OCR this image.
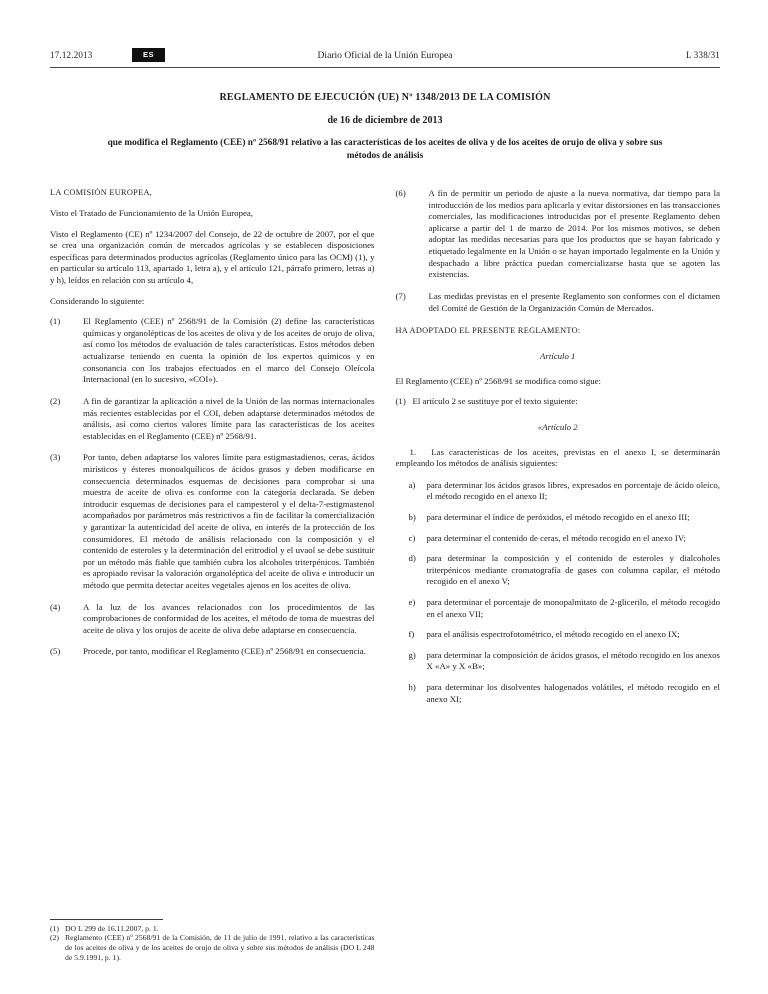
17.12.2013	ES	Diario Oficial de la Unión Europea	L 338/31
REGLAMENTO DE EJECUCIÓN (UE) Nº 1348/2013 DE LA COMISIÓN
de 16 de diciembre de 2013
que modifica el Reglamento (CEE) nº 2568/91 relativo a las características de los aceites de oliva y de los aceites de orujo de oliva y sobre sus métodos de análisis

LA COMISIÓN EUROPEA,

Visto el Tratado de Funcionamiento de la Unión Europea,

Visto el Reglamento (CE) nº 1234/2007 del Consejo, de 22 de octubre de 2007, por el que se crea una organización común de mercados agrícolas y se establecen disposiciones específicas para determinados productos agrícolas (Reglamento único para las OCM) (1), y en particular su artículo 113, apartado 1, letra a), y el artículo 121, párrafo primero, letras a) y h), leídos en relación con su artículo 4,

Considerando lo siguiente:

(1)	El Reglamento (CEE) nº 2568/91 de la Comisión (2) define las características químicas y organolépticas de los aceites de oliva y de los aceites de orujo de oliva, así como los métodos de evaluación de tales características. Estos métodos deben actualizarse teniendo en cuenta la opinión de los expertos químicos y en consonancia con los trabajos efectuados en el marco del Consejo Oleícola Internacional (en lo sucesivo, «COI»).
(2)	A fin de garantizar la aplicación a nivel de la Unión de las normas internacionales más recientes establecidas por el COI, deben adaptarse determinados métodos de análisis, así como ciertos valores límite para las características de los aceites establecidas en el Reglamento (CEE) nº 2568/91.
(3)	Por tanto, deben adaptarse los valores límite para estigmastadienos, ceras, ácidos mirísticos y ésteres monoalquílicos de ácidos grasos y deben modificarse en consecuencia determinados esquemas de decisiones para comprobar si una muestra de aceite de oliva es conforme con la categoría declarada. Se deben introducir esquemas de decisiones para el campesterol y el delta-7-estigmastenol acompañados por parámetros más restrictivos a fin de facilitar la comercialización y garantizar la autenticidad del aceite de oliva, en interés de la protección de los consumidores. El método de análisis relacionado con la composición y el contenido de esteroles y la determinación del eritrodiol y el uvaol se debe sustituir por un método más fiable que también cubra los alcoholes triterpénicos. También es apropiado revisar la valoración organoléptica del aceite de oliva e introducir un método que permita detectar aceites vegetales ajenos en los aceites de oliva.
(4)	A la luz de los avances relacionados con los procedimientos de las comprobaciones de conformidad de los aceites, el método de toma de muestras del aceite de oliva y los orujos de aceite de oliva debe adaptarse en consecuencia.
(5)	Procede, por tanto, modificar el Reglamento (CEE) nº 2568/91 en consecuencia.
(1) DO L 299 de 16.11.2007, p. 1.
(2) Reglamento (CEE) nº 2568/91 de la Comisión, de 11 de julio de 1991, relativo a las características de los aceites de oliva y de los aceites de orujo de oliva y sobre sus métodos de análisis (DO L 248 de 5.9.1991, p. 1).
(6)	A fin de permitir un periodo de ajuste a la nueva normativa, dar tiempo para la introducción de los medios para aplicarla y evitar distorsiones en las transacciones comerciales, las modificaciones introducidas por el presente Reglamento deben aplicarse a partir del 1 de marzo de 2014. Por los mismos motivos, se deben adoptar las medidas necesarias para que los productos que se hayan fabricado y etiquetado legalmente en la Unión o se hayan importado legalmente en la Unión y despachado a libre práctica puedan comercializarse hasta que se agoten las existencias.
(7)	Las medidas previstas en el presente Reglamento son conformes con el dictamen del Comité de Gestión de la Organización Común de Mercados.

HA ADOPTADO EL PRESENTE REGLAMENTO:

Artículo 1

El Reglamento (CEE) nº 2568/91 se modifica como sigue:

(1) El artículo 2 se sustituye por el texto siguiente:
«Artículo 2

1.   Las características de los aceites, previstas en el anexo I, se determinarán empleando los métodos de análisis siguientes:

a)	para determinar los ácidos grasos libres, expresados en porcentaje de ácido oleico, el método recogido en el anexo II;
b)	para determinar el índice de peróxidos, el método recogido en el anexo III;
c)	para determinar el contenido de ceras, el método recogido en el anexo IV;
d)	para determinar la composición y el contenido de esteroles y dialcoholes triterpénicos mediante cromatografía de gases con columna capilar, el método recogido en el anexo V;
e)	para determinar el porcentaje de monopalmitato de 2-glicerilo, el método recogido en el anexo VII;
f)	para el análisis espectrofotométrico, el método recogido en el anexo IX;
g)	para determinar la composición de ácidos grasos, el método recogido en los anexos X «A» y X «B»;
h)	para determinar los disolventes halogenados volátiles, el método recogido en el anexo XI;
